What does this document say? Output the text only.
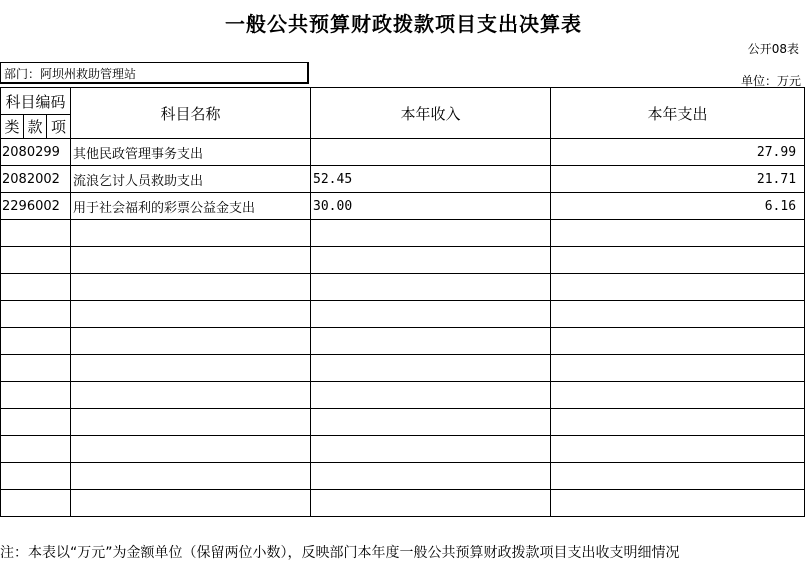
一般公共预算财政拨款项目支出决算表
公开08表
部门：阿坝州救助管理站	单位：万元
科目编码			科目名称	本年收入	本年支出
类	款	项			
2080299			其他民政管理事务支出		27.99
2082002			流浪乞讨人员救助支出	52.45	21.71
2296002			用于社会福利的彩票公益金支出	30.00	6.16

注：本表以“万元”为金额单位（保留两位小数），反映部门本年度一般公共预算财政拨款项目支出收支明细情况
